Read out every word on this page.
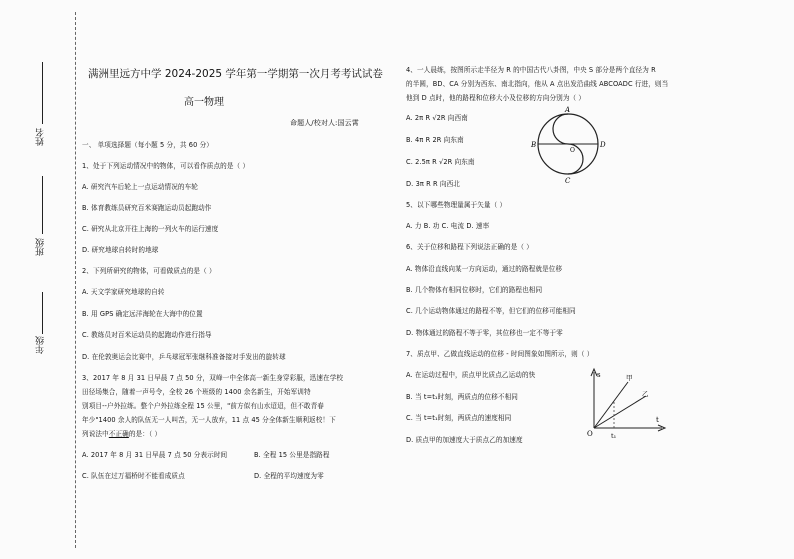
姓名
班级
年级
满洲里远方中学 2024-2025 学年第一学期第一次月考考试试卷
高一物理
命题人/校对人:国云霄
一、 单项选择题（每小题 5 分，共 60 分）
1、处于下列运动情况中的物体，可以看作质点的是（ ）
A. 研究汽车后轮上一点运动情况的车轮
B. 体育教练员研究百米赛跑运动员起跑动作
C. 研究从北京开往上海的一列火车的运行速度
D. 研究地球自转时的地球
2、下列所研究的物体，可看做质点的是（ ）
A. 天文学家研究地球的自转
B. 用 GPS 确定远洋海轮在大海中的位置
C. 教练员对百米运动员的起跑动作进行指导
D. 在伦敦奥运会比赛中，乒乓球冠军张继科准备接对手发出的旋转球
3、2017 年 8 月 31 日早晨 7 点 50 分，双峰一中全体高一新生身穿彩服，迅速在学校
田径场集合，随着一声号令，全校 26 个班级的 1400 余名新生，开始军训特
别项目--户外拉练。整个户外拉练全程 15 公里，"前方似有山水迢迢，但不敢青春
年少"1400 余人的队伍无一人叫苦，无一人放弃，11 点 45 分全体新生顺利返校！下
列说法中不正确的是：（ ）
A. 2017 年 8 月 31 日早晨 7 点 50 分表示时间	B. 全程 15 公里是指路程
C. 队伍在过万福桥时不能看成质点	D. 全程的平均速度为零
4、一人晨练，按图所示走半径为 R 的中国古代八卦图，中央 S 部分是两个直径为 R
的半圆，BD、CA 分别为西东、南北指向，他从 A 点出发沿曲线 ABCOADC 行进，则当
他到 D 点时，他的路程和位移大小及位移的方向分别为（ ）
A. 2π R √2R 向西南
B. 4π R 2R 向东南
C. 2.5π R √2R 向东南
D. 3π R R 向西北
A
B	D
C
O
5、以下哪些物理量属于矢量（ ）
A. 力 B. 功 C. 电流 D. 速率
6、关于位移和路程下列说法正确的是（ ）
A. 物体沿直线向某一方向运动，通过的路程就是位移
B. 几个物体有相同位移时，它们的路程也相同
C. 几个运动物体通过的路程不等，但它们的位移可能相同
D. 物体通过的路程不等于零，其位移也一定不等于零
7、质点甲、乙做直线运动的位移 - 时间图象如图所示，则（ ）
A. 在运动过程中，质点甲比质点乙运动的快
B. 当 t=t₁时刻，两质点的位移不相同
C. 当 t=t₁时刻，两质点的速度相同
D. 质点甲的加速度大于质点乙的加速度
s
t
O	t₁
甲
乙
